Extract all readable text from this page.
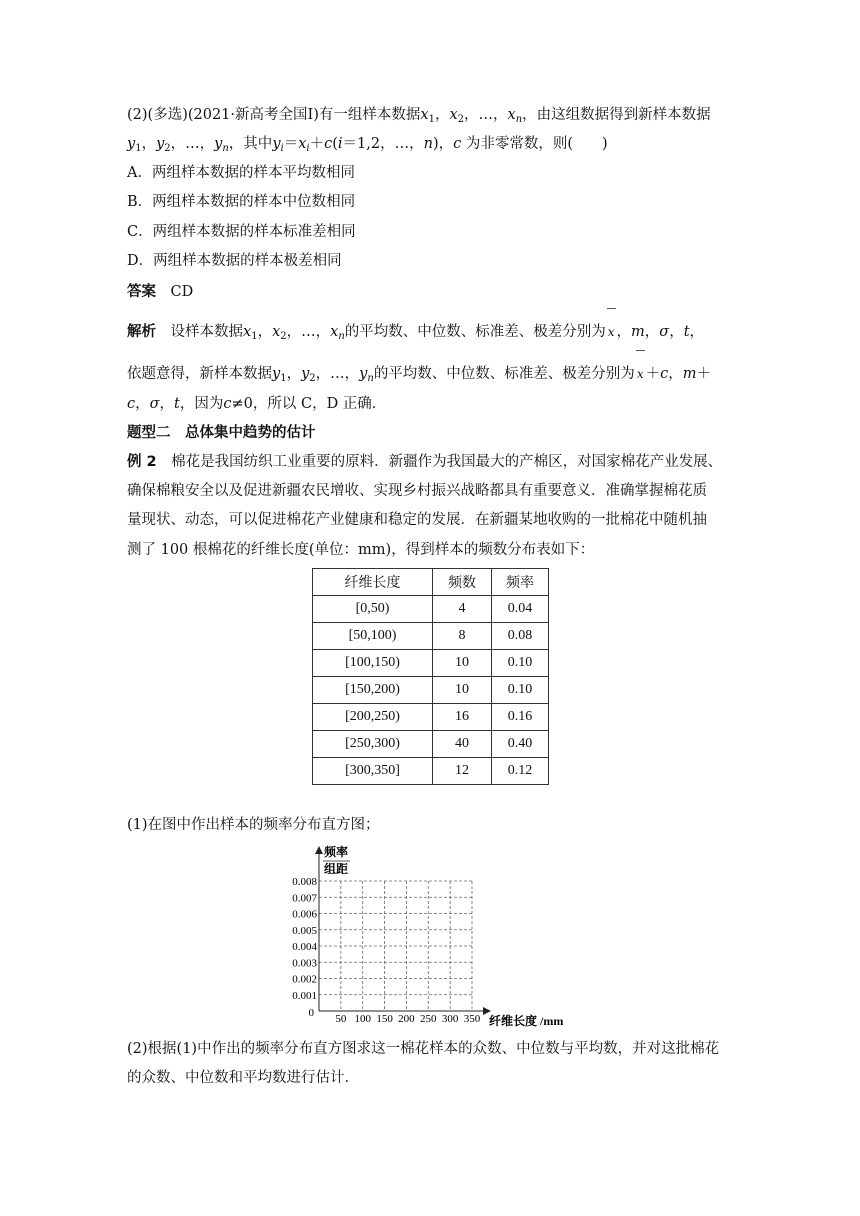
(2)(多选)(2021·新高考全国Ⅰ)有一组样本数据$x_1$，$x_2$，…，$x_n$，由这组数据得到新样本数据
$y_1$，$y_2$，…，$y_n$，其中$y_i=x_i+c(i=1,2$，…，n)，c 为非零常数，则(　　)
A．两组样本数据的样本平均数相同
B．两组样本数据的样本中位数相同
C．两组样本数据的样本标准差相同
D．两组样本数据的样本极差相同
答案　 CD
解析　 设样本数据$x_1$，$x_2$，…，$x_n$的平均数、中位数、标准差、极差分别为 x ，m，σ，t，
依题意得，新样本数据$y_1$，$y_2$，…，$y_n$的平均数、中位数、标准差、极差分别为 x ＋c，m＋
c，σ，t，因为c≠0，所以 C，D 正确．
题型二　总体集中趋势的估计
例 2　 棉花是我国纺织工业重要的原料．新疆作为我国最大的产棉区，对国家棉花产业发展、
确保棉粮安全以及促进新疆农民增收、实现乡村振兴战略都具有重要意义．准确掌握棉花质
量现状、动态，可以促进棉花产业健康和稳定的发展．在新疆某地收购的一批棉花中随机抽
测了 100 根棉花的纤维长度(单位：mm)，得到样本的频数分布表如下：
纤维长度	频数	频率
[0,50)	4	0.04
[50,100)	8	0.08
[100,150)	10	0.10
[150,200)	10	0.10
[200,250)	16	0.16
[250,300)	40	0.40
[300,350]	12	0.12
(1)在图中作出样本的频率分布直方图；
频率
组距
0.008
0.007
0.006
0.005
0.004
0.003
0.002
0.001
50 100 150 200 250 300 350
0
纤维长度 /mm
(2)根据(1)中作出的频率分布直方图求这一棉花样本的众数、中位数与平均数，并对这批棉花
的众数、中位数和平均数进行估计．
